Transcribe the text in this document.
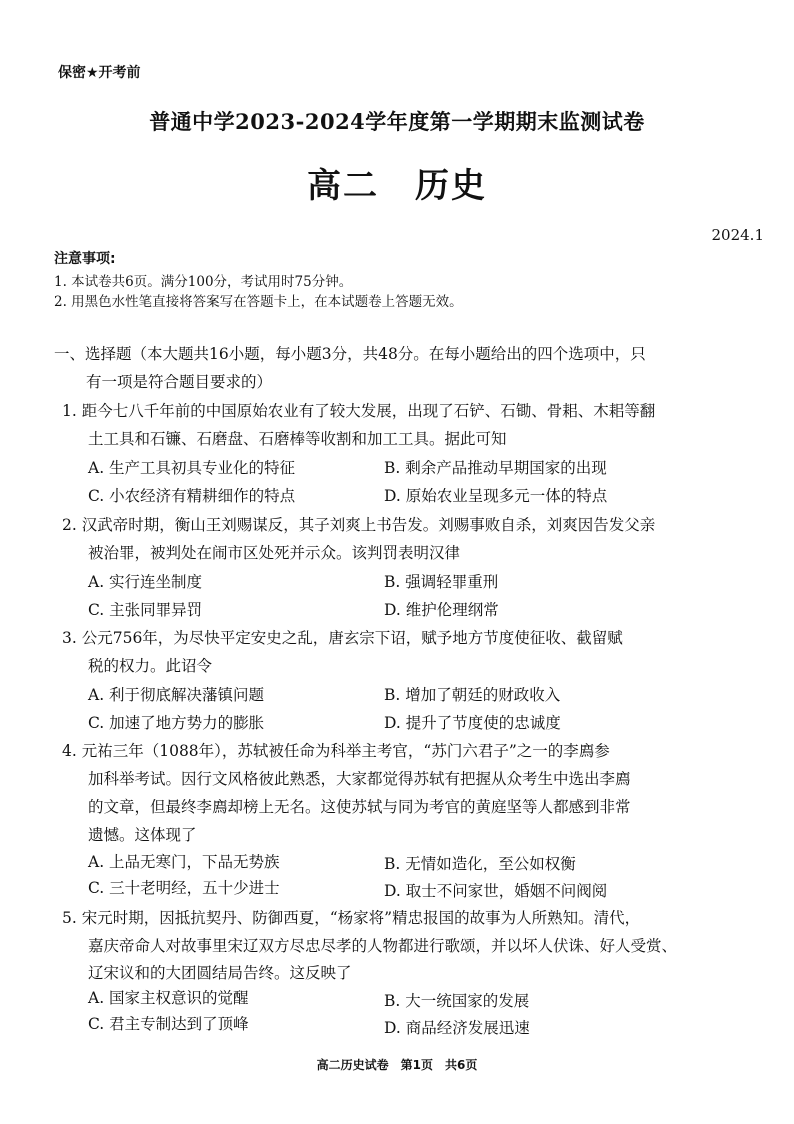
保密★开考前
普通中学2023-2024学年度第一学期期末监测试卷
高二　历史
2024.1
注意事项:
1. 本试卷共6页。满分100分，考试用时75分钟。
2. 用黑色水性笔直接将答案写在答题卡上，在本试题卷上答题无效。
一、选择题（本大题共16小题，每小题3分，共48分。在每小题给出的四个选项中，只
有一项是符合题目要求的）
1. 距今七八千年前的中国原始农业有了较大发展，出现了石铲、石锄、骨耜、木耜等翻
土工具和石镰、石磨盘、石磨棒等收割和加工工具。据此可知
A. 生产工具初具专业化的特征	B. 剩余产品推动早期国家的出现
C. 小农经济有精耕细作的特点	D. 原始农业呈现多元一体的特点
2. 汉武帝时期，衡山王刘赐谋反，其子刘爽上书告发。刘赐事败自杀，刘爽因告发父亲
被治罪，被判处在闹市区处死并示众。该判罚表明汉律
A. 实行连坐制度	B. 强调轻罪重刑
C. 主张同罪异罚	D. 维护伦理纲常
3. 公元756年，为尽快平定安史之乱，唐玄宗下诏，赋予地方节度使征收、截留赋
税的权力。此诏令
A. 利于彻底解决藩镇问题	B. 增加了朝廷的财政收入
C. 加速了地方势力的膨胀	D. 提升了节度使的忠诚度
4. 元祐三年（1088年），苏轼被任命为科举主考官，“苏门六君子”之一的李廌参
加科举考试。因行文风格彼此熟悉，大家都觉得苏轼有把握从众考生中选出李廌
的文章，但最终李廌却榜上无名。这使苏轼与同为考官的黄庭坚等人都感到非常
遗憾。这体现了
A. 上品无寒门，下品无势族	B. 无情如造化，至公如权衡
C. 三十老明经，五十少进士	D. 取士不问家世，婚姻不问阀阅
5. 宋元时期，因抵抗契丹、防御西夏，“杨家将”精忠报国的故事为人所熟知。清代，
嘉庆帝命人对故事里宋辽双方尽忠尽孝的人物都进行歌颂，并以坏人伏诛、好人受赏、
辽宋议和的大团圆结局告终。这反映了
A. 国家主权意识的觉醒	B. 大一统国家的发展
C. 君主专制达到了顶峰	D. 商品经济发展迅速
高二历史试卷　第1页　共6页
